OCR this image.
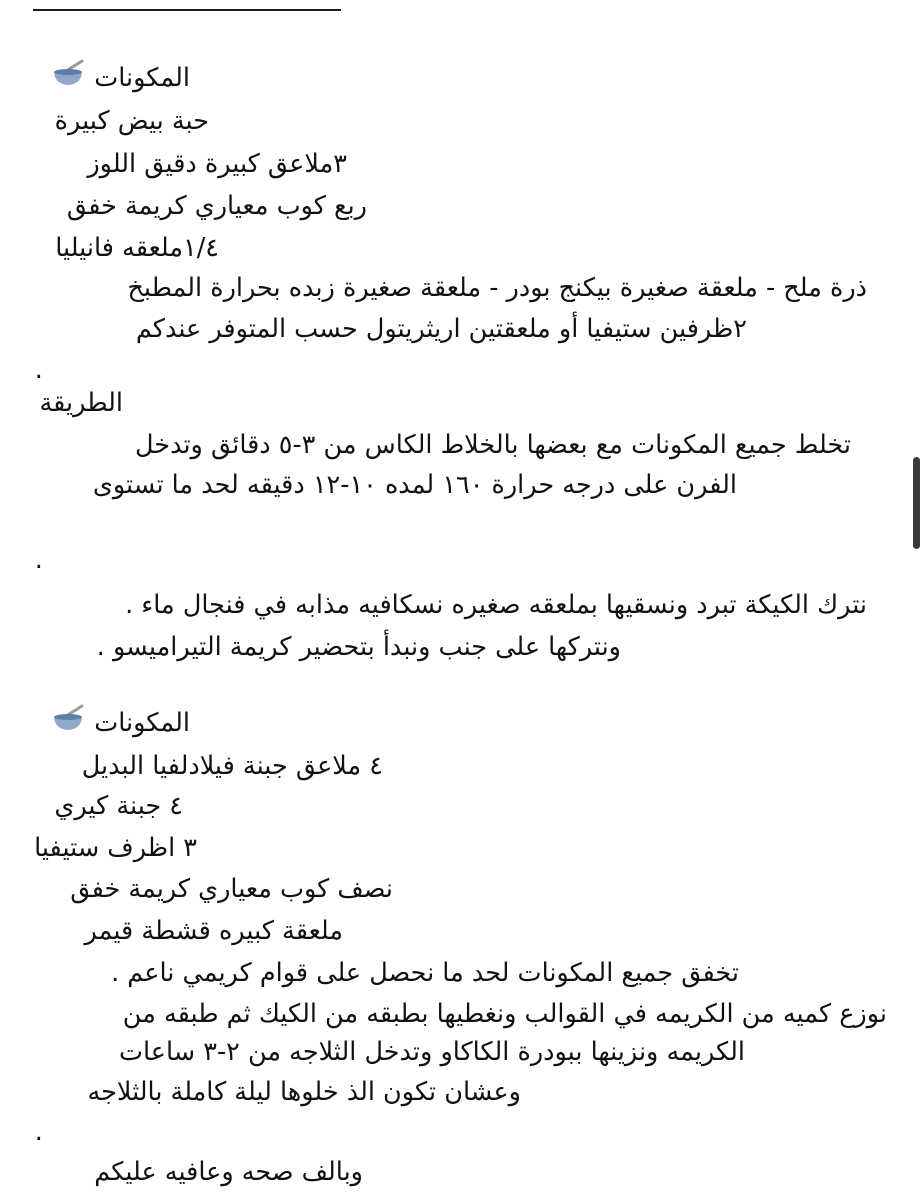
المكونات
حبة بيض كبيرة
٣ملاعق كبيرة دقيق اللوز
ربع كوب معياري كريمة خفق
١/٤ملعقه فانيليا
ذرة ملح - ملعقة صغيرة بيكنج بودر - ملعقة صغيرة زبده بحرارة المطبخ
٢ظرفين ستيفيا أو ملعقتين اريثريتول حسب المتوفر عندكم
.
الطريقة
تخلط جميع المكونات مع بعضها بالخلاط الكاس من ٣-٥ دقائق وتدخل
الفرن على درجه حرارة ١٦٠ لمده ١٠-١٢ دقيقه لحد ما تستوى
.
نترك الكيكة تبرد ونسقيها بملعقه صغيره نسكافيه مذابه في فنجال ماء .
ونتركها على جنب ونبدأ بتحضير كريمة التيراميسو .
المكونات
٤ ملاعق جبنة فيلادلفيا البديل
٤ جبنة كيري
٣ اظرف ستيفيا
نصف كوب معياري كريمة خفق
ملعقة كبيره قشطة قيمر
تخفق جميع المكونات لحد ما نحصل على قوام كريمي ناعم .
نوزع كميه من الكريمه في القوالب ونغطيها بطبقه من الكيك ثم طبقه من
الكريمه ونزينها ببودرة الكاكاو وتدخل الثلاجه من ٢-٣ ساعات
وعشان تكون الذ خلوها ليلة كاملة بالثلاجه
.
وبالف صحه وعافيه عليكم
